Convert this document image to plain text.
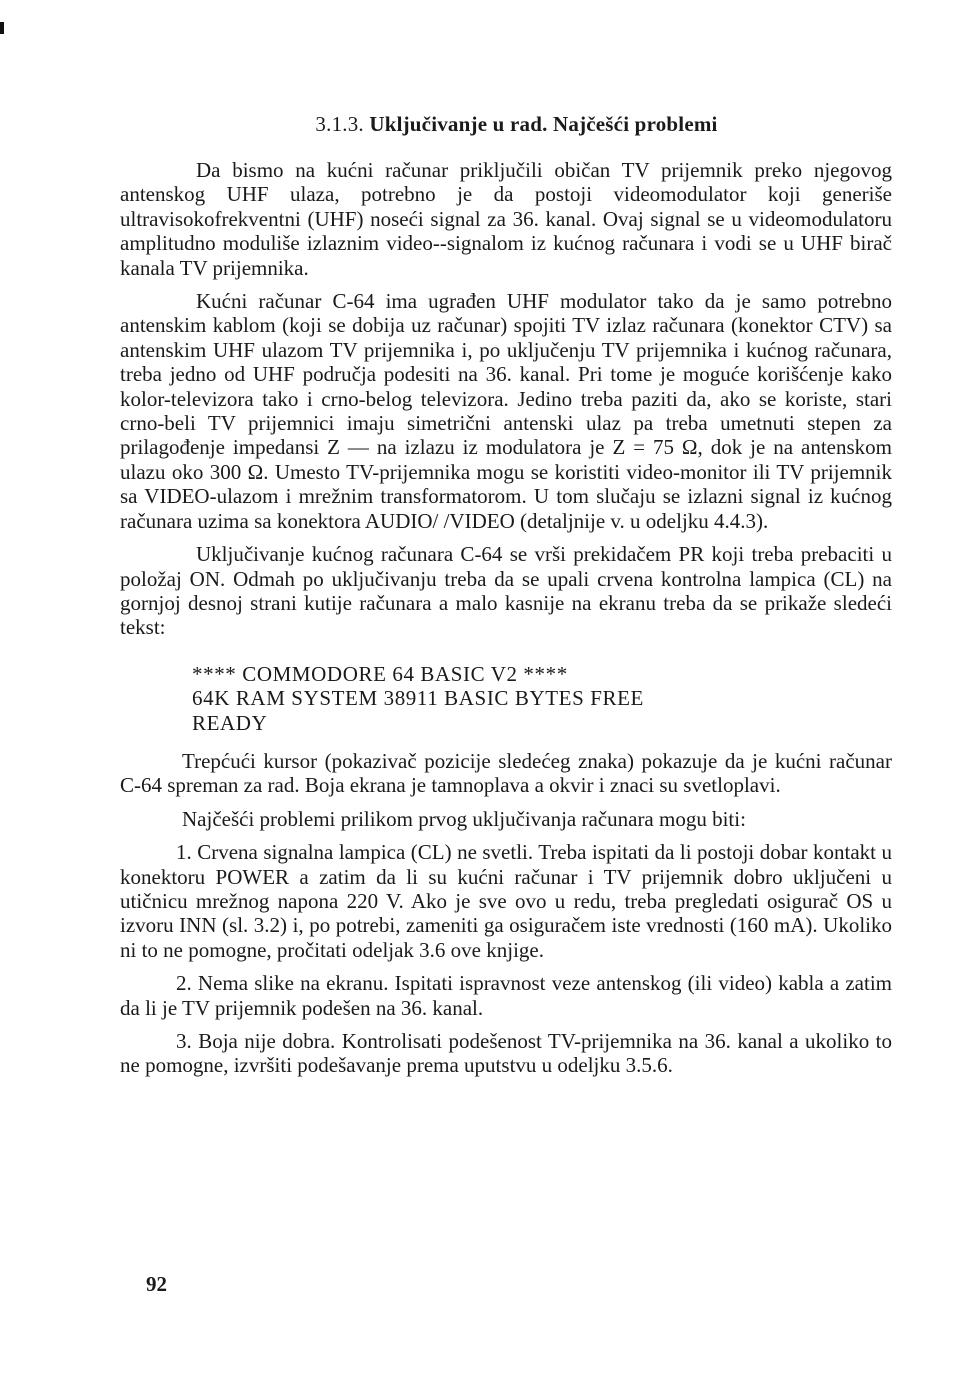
3.1.3. Uključivanje u rad. Najčešći problemi

Da bismo na kućni računar priključili običan TV prijemnik preko njegovog antenskog UHF ulaza, potrebno je da postoji videomodulator koji generiše ultravisokofrekventni (UHF) noseći signal za 36. kanal. Ovaj signal se u videomodulatoru amplitudno moduliše izlaznim video--signalom iz kućnog računara i vodi se u UHF birač kanala TV prijemnika.

Kućni računar C-64 ima ugrađen UHF modulator tako da je samo potrebno antenskim kablom (koji se dobija uz računar) spojiti TV izlaz računara (konektor CTV) sa antenskim UHF ulazom TV prijemnika i, po uključenju TV prijemnika i kućnog računara, treba jedno od UHF područja podesiti na 36. kanal. Pri tome je moguće korišćenje kako kolor-televizora tako i crno-belog televizora. Jedino treba paziti da, ako se koriste, stari crno-beli TV prijemnici imaju simetrični antenski ulaz pa treba umetnuti stepen za prilagođenje impedansi Z — na izlazu iz modulatora je Z = 75 Ω, dok je na antenskom ulazu oko 300 Ω. Umesto TV-prijemnika mogu se koristiti video-monitor ili TV prijemnik sa VIDEO-ulazom i mrežnim transformatorom. U tom slučaju se izlazni signal iz kućnog računara uzima sa konektora AUDIO/ /VIDEO (detaljnije v. u odeljku 4.4.3).

Uključivanje kućnog računara C-64 se vrši prekidačem PR koji treba prebaciti u položaj ON. Odmah po uključivanju treba da se upali crvena kontrolna lampica (CL) na gornjoj desnoj strani kutije računara a malo kasnije na ekranu treba da se prikaže sledeći tekst:

**** COMMODORE 64 BASIC V2 ****
64K RAM SYSTEM 38911 BASIC BYTES FREE
READY

Trepćući kursor (pokazivač pozicije sledećeg znaka) pokazuje da je kućni računar C-64 spreman za rad. Boja ekrana je tamnoplava a okvir i znaci su svetloplavi.

Najčešći problemi prilikom prvog uključivanja računara mogu biti:

1. Crvena signalna lampica (CL) ne svetli. Treba ispitati da li postoji dobar kontakt u konektoru POWER a zatim da li su kućni računar i TV prijemnik dobro uključeni u utičnicu mrežnog napona 220 V. Ako je sve ovo u redu, treba pregledati osigurač OS u izvoru INN (sl. 3.2) i, po potrebi, zameniti ga osiguračem iste vrednosti (160 mA). Ukoliko ni to ne pomogne, pročitati odeljak 3.6 ove knjige.

2. Nema slike na ekranu. Ispitati ispravnost veze antenskog (ili video) kabla a zatim da li je TV prijemnik podešen na 36. kanal.

3. Boja nije dobra. Kontrolisati podešenost TV-prijemnika na 36. kanal a ukoliko to ne pomogne, izvršiti podešavanje prema uputstvu u odeljku 3.5.6.

92
